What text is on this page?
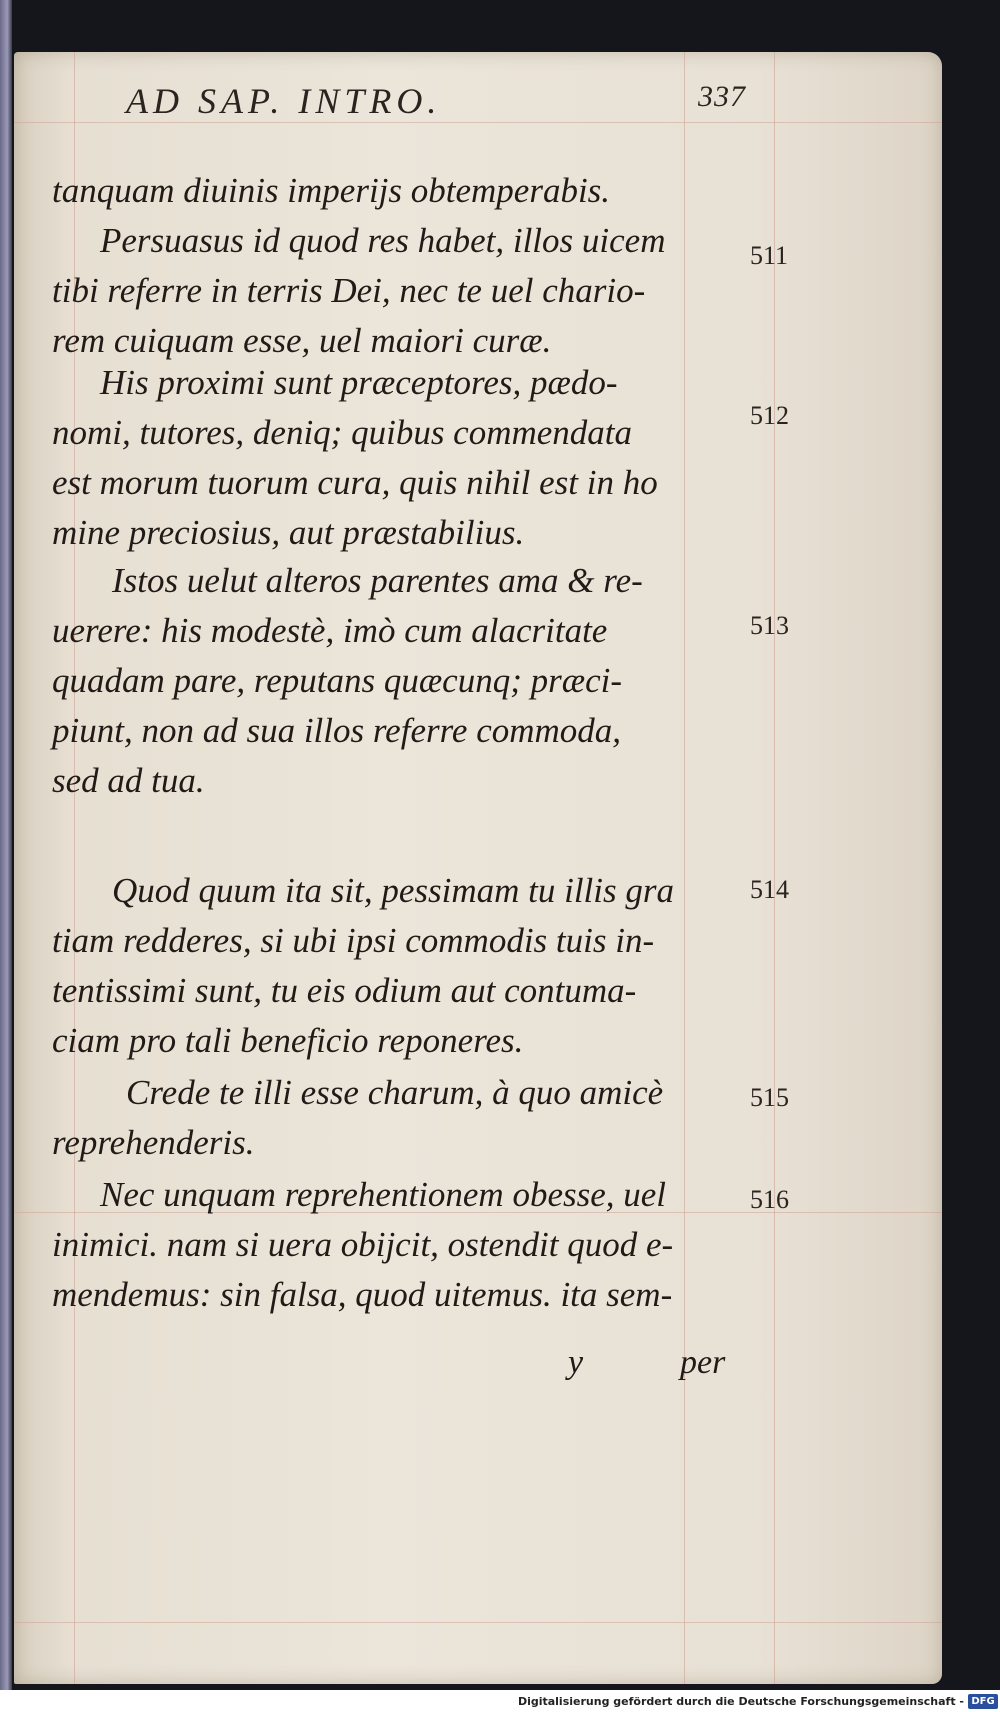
AD SAP. INTRO.	337
tanquam diuinis imperijs obtemperabis.
Persuasus id quod res habet, illos uicem
tibi referre in terris Dei, nec te uel chario-
rem cuiquam esse, uel maiori curæ.
His proximi sunt præceptores, pædo-
nomi, tutores, deniq; quibus commendata
est morum tuorum cura, quis nihil est in ho
mine preciosius, aut præstabilius.
Istos uelut alteros parentes ama & re-
uerere: his modestè, imò cum alacritate
quadam pare, reputans quæcunq; præci-
piunt, non ad sua illos referre commoda,
sed ad tua.
Quod quum ita sit, pessimam tu illis gra
tiam redderes, si ubi ipsi commodis tuis in-
tentissimi sunt, tu eis odium aut contuma-
ciam pro tali beneficio reponeres.
Crede te illi esse charum, à quo amicè
reprehenderis.
Nec unquam reprehentionem obesse, uel
inimici. nam si uera obijcit, ostendit quod e-
mendemus: sin falsa, quod uitemus. ita sem-
511
512
513
514
515
516
y	per
Digitalisierung gefördert durch die Deutsche Forschungsgemeinschaft - DFG
